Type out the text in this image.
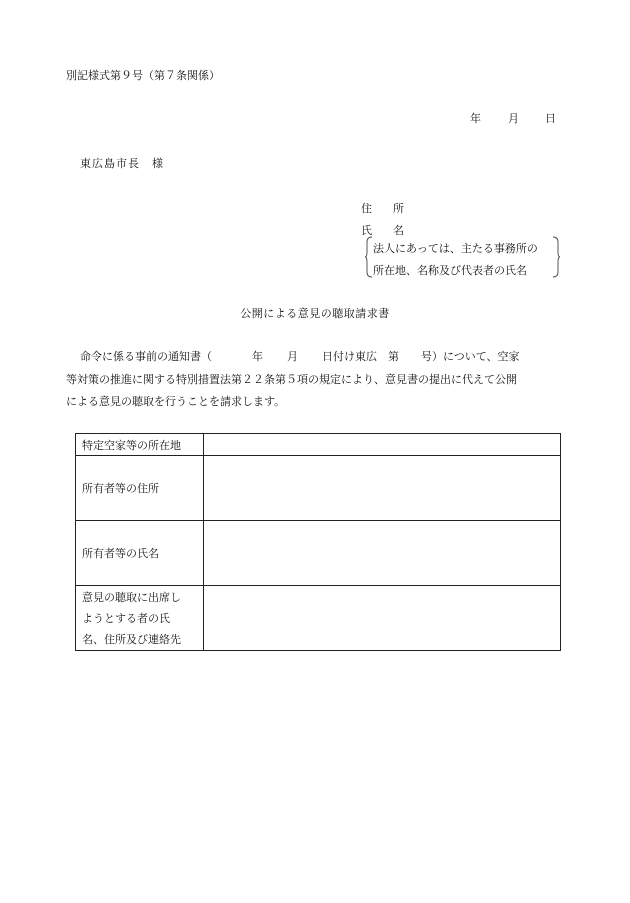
別記様式第９号（第７条関係）
年 月 日
東広島市長　様
住 所
氏 名
法人にあっては、主たる事務所の
所在地、名称及び代表者の氏名
公開による意見の聴取請求書
命令に係る事前の通知書（	年 月 日付け東広 第 号）について、空家
等対策の推進に関する特別措置法第２２条第５項の規定により、意見書の提出に代えて公開
による意見の聴取を行うことを請求します。
特定空家等の所在地	
所有者等の住所	
所有者等の氏名	

意見の聴取に出席し
ようとする者の氏
名、住所及び連絡先	
